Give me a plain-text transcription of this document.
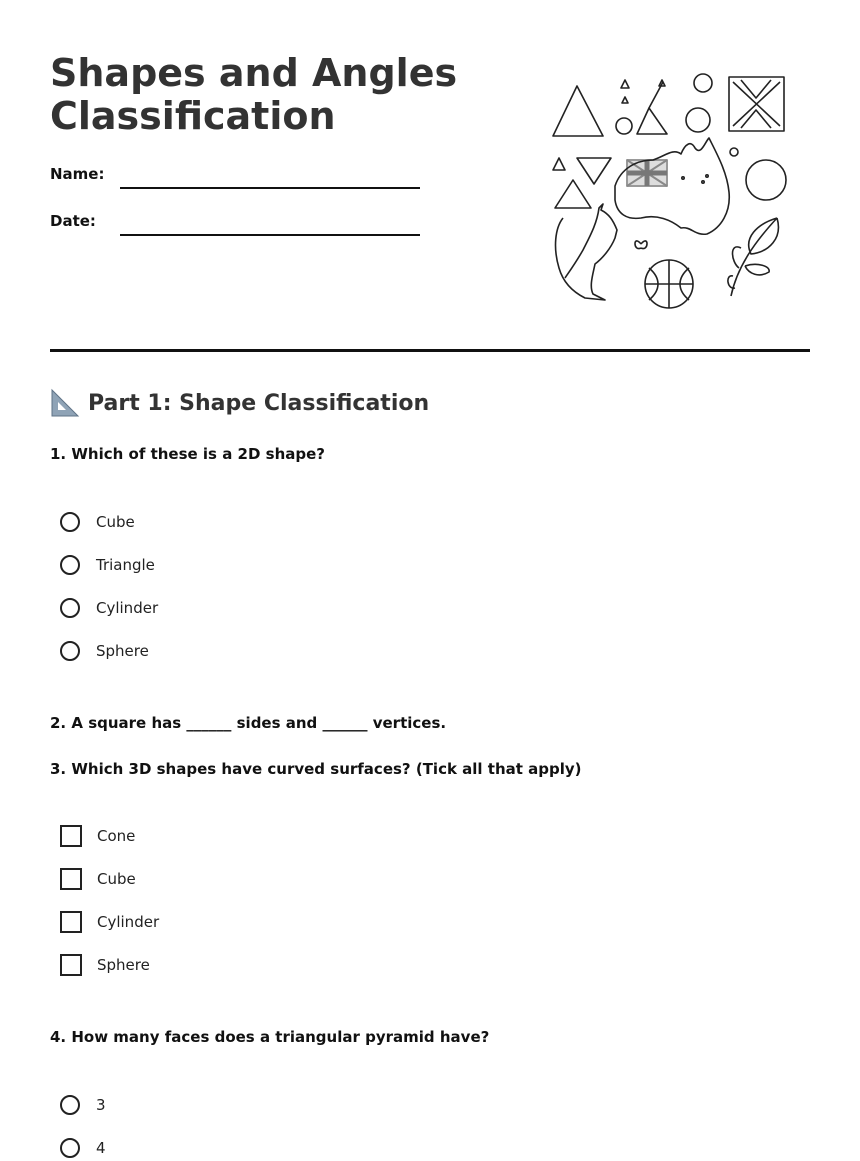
Shapes and Angles Classification
Name:
Date:
Part 1: Shape Classification
1. Which of these is a 2D shape?
Cube
Triangle
Cylinder
Sphere
2. A square has ______ sides and ______ vertices.
3. Which 3D shapes have curved surfaces? (Tick all that apply)
Cone
Cube
Cylinder
Sphere
4. How many faces does a triangular pyramid have?
3
4
